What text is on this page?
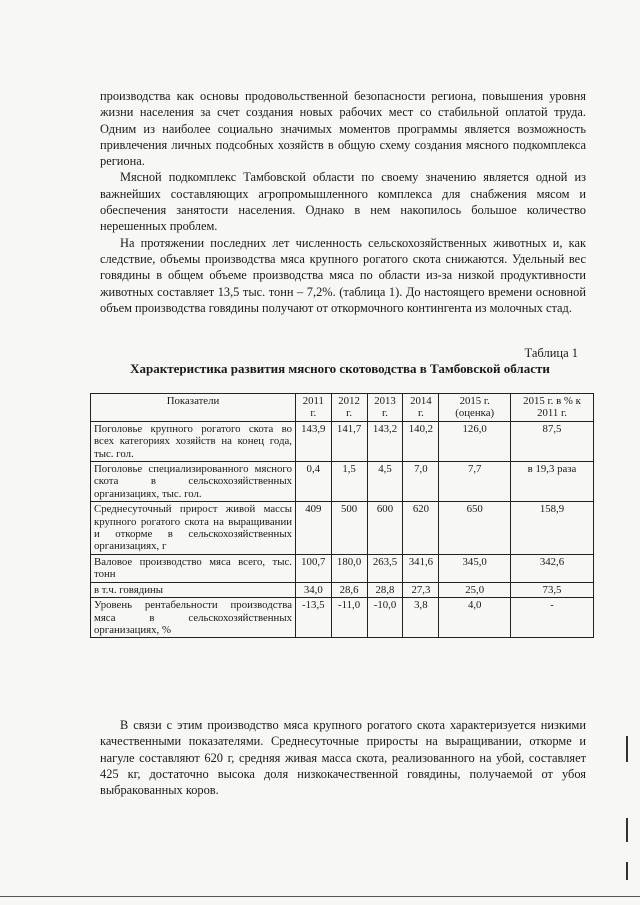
производства как основы продовольственной безопасности региона, повышения уровня жизни населения за счет создания новых рабочих мест со стабильной оплатой труда. Одним из наиболее социально значимых моментов программы является возможность привлечения личных подсобных хозяйств в общую схему создания мясного подкомплекса региона.

Мясной подкомплекс Тамбовской области по своему значению является одной из важнейших составляющих агропромышленного комплекса для снабжения мясом и обеспечения занятости населения. Однако в нем накопилось большое количество нерешенных проблем.

На протяжении последних лет численность сельскохозяйственных животных и, как следствие, объемы производства мяса крупного рогатого скота снижаются. Удельный вес говядины в общем объеме производства мяса по области из-за низкой продуктивности животных составляет 13,5 тыс. тонн – 7,2%. (таблица 1). До настоящего времени основной объем производства говядины получают от откормочного контингента из молочных стад.

Таблица 1
Характеристика развития мясного скотоводства в Тамбовской области
Показатели	2011 г.	2012 г.	2013 г.	2014 г.	2015 г. (оценка)	2015 г. в % к 2011 г.
Поголовье крупного рогатого скота во всех категориях хозяйств на конец года, тыс. гол.	143,9	141,7	143,2	140,2	126,0	87,5
Поголовье специализированного мясного скота в сельскохозяйственных организациях, тыс. гол.	0,4	1,5	4,5	7,0	7,7	в 19,3 раза
Среднесуточный прирост живой массы крупного рогатого скота на выращивании и откорме в сельскохозяйственных организациях, г	409	500	600	620	650	158,9
Валовое производство мяса всего, тыс. тонн	100,7	180,0	263,5	341,6	345,0	342,6
в т.ч. говядины	34,0	28,6	28,8	27,3	25,0	73,5
Уровень рентабельности производства мяса в сельскохозяйственных организациях, %	-13,5	-11,0	-10,0	3,8	4,0	-

В связи с этим производство мяса крупного рогатого скота характеризуется низкими качественными показателями. Среднесуточные приросты на выращивании, откорме и нагуле составляют 620 г, средняя живая масса скота, реализованного на убой, составляет 425 кг, достаточно высока доля низкокачественной говядины, получаемой от убоя выбракованных коров.
